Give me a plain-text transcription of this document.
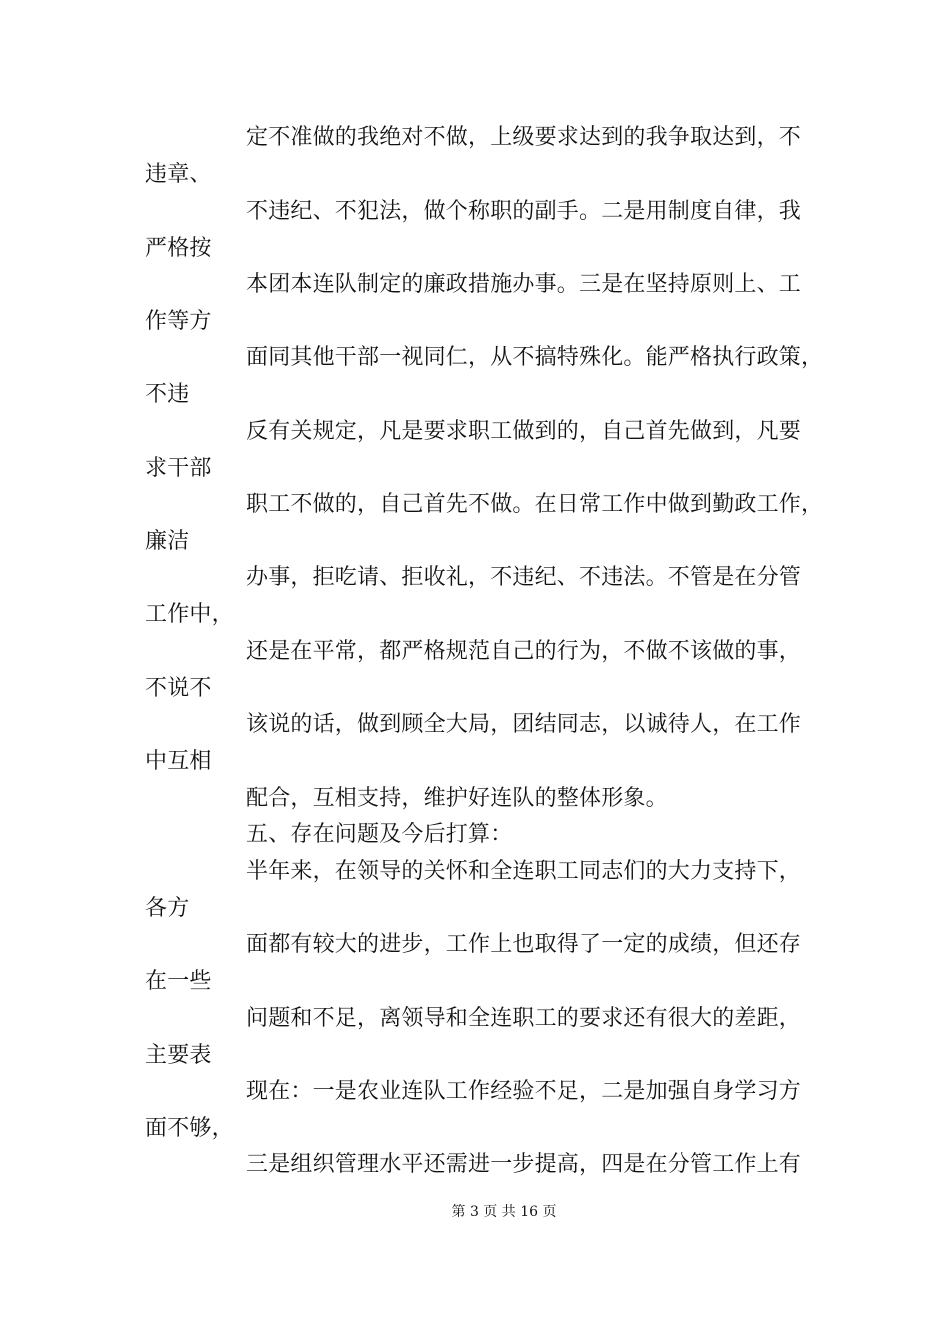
定不准做的我绝对不做，上级要求达到的我争取达到，不
违章、
不违纪、不犯法，做个称职的副手。二是用制度自律，我
严格按
本团本连队制定的廉政措施办事。三是在坚持原则上、工
作等方
面同其他干部一视同仁，从不搞特殊化。能严格执行政策，
不违
反有关规定，凡是要求职工做到的，自己首先做到，凡要
求干部
职工不做的，自己首先不做。在日常工作中做到勤政工作，
廉洁
办事，拒吃请、拒收礼，不违纪、不违法。不管是在分管
工作中，
还是在平常，都严格规范自己的行为，不做不该做的事，
不说不
该说的话，做到顾全大局，团结同志，以诚待人，在工作
中互相
配合，互相支持，维护好连队的整体形象。
五、存在问题及今后打算：
半年来，在领导的关怀和全连职工同志们的大力支持下，
各方
面都有较大的进步，工作上也取得了一定的成绩，但还存
在一些
问题和不足，离领导和全连职工的要求还有很大的差距，
主要表
现在：一是农业连队工作经验不足，二是加强自身学习方
面不够，
三是组织管理水平还需进一步提高，四是在分管工作上有
第 3 页 共 16 页
